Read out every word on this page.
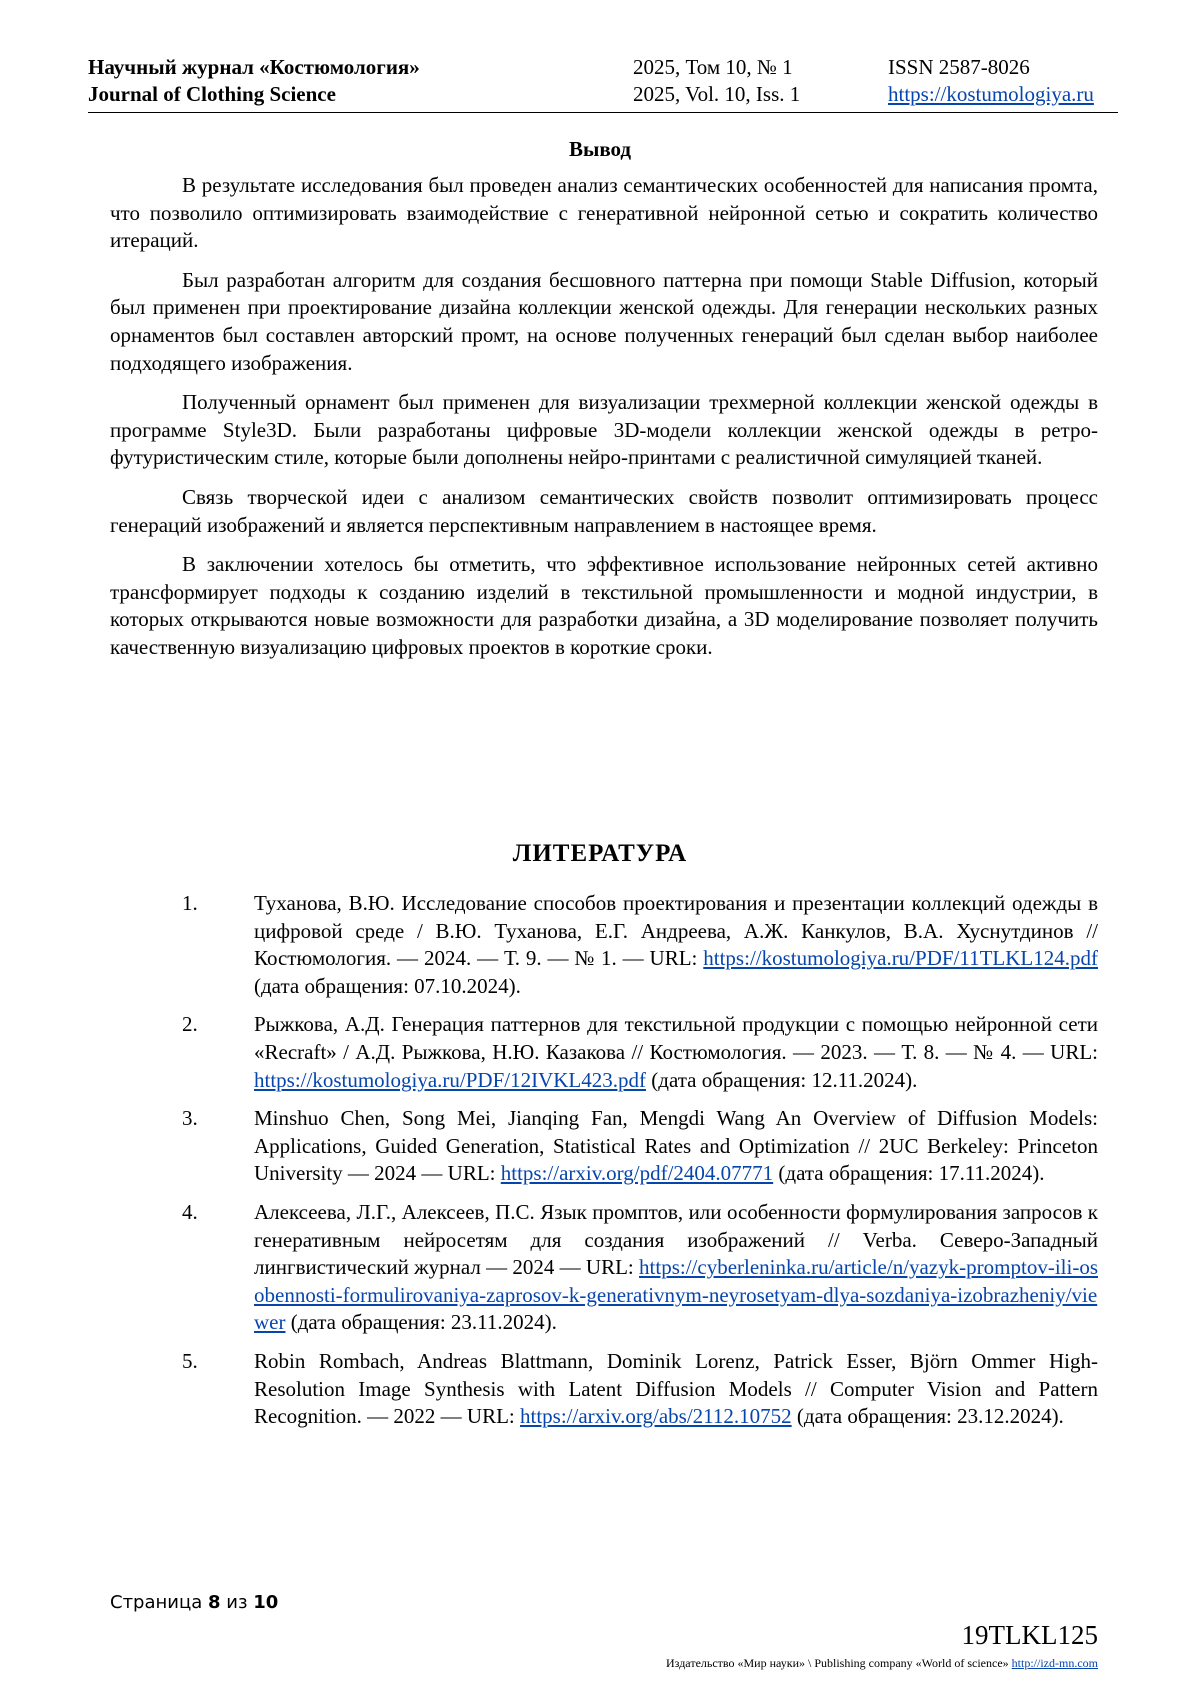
Научный журнал «Костюмология»
Journal of Clothing Science
2025, Том 10, № 1
2025, Vol. 10, Iss. 1
ISSN 2587-8026
https://kostumologiya.ru
Вывод

В результате исследования был проведен анализ семантических особенностей для написания промта, что позволило оптимизировать взаимодействие с генеративной нейронной сетью и сократить количество итераций.

Был разработан алгоритм для создания бесшовного паттерна при помощи Stable Diffusion, который был применен при проектирование дизайна коллекции женской одежды. Для генерации нескольких разных орнаментов был составлен авторский промт, на основе полученных генераций был сделан выбор наиболее подходящего изображения.

Полученный орнамент был применен для визуализации трехмерной коллекции женской одежды в программе Style3D. Были разработаны цифровые 3D-модели коллекции женской одежды в ретро-футуристическим стиле, которые были дополнены нейро-принтами с реалистичной симуляцией тканей.

Связь творческой идеи с анализом семантических свойств позволит оптимизировать процесс генераций изображений и является перспективным направлением в настоящее время.

В заключении хотелось бы отметить, что эффективное использование нейронных сетей активно трансформирует подходы к созданию изделий в текстильной промышленности и модной индустрии, в которых открываются новые возможности для разработки дизайна, а 3D моделирование позволяет получить качественную визуализацию цифровых проектов в короткие сроки.

ЛИТЕРАТУРА
1.	Туханова, В.Ю. Исследование способов проектирования и презентации коллекций одежды в цифровой среде / В.Ю. Туханова, Е.Г. Андреева, А.Ж. Канкулов, В.А. Хуснутдинов // Костюмология. — 2024. — Т. 9. — № 1. — URL: https://kostumologiya.ru/PDF/11TLKL124.pdf (дата обращения: 07.10.2024).
2.	Рыжкова, А.Д. Генерация паттернов для текстильной продукции с помощью нейронной сети «Recraft» / А.Д. Рыжкова, Н.Ю. Казакова // Костюмология. — 2023. — Т. 8. — № 4. — URL: https://kostumologiya.ru/PDF/12IVKL423.pdf (дата обращения: 12.11.2024).
3.	Minshuo Chen, Song Mei, Jianqing Fan, Mengdi Wang An Overview of Diffusion Models: Applications, Guided Generation, Statistical Rates and Optimization // 2UC Berkeley: Princeton University — 2024 — URL: https://arxiv.org/pdf/2404.07771 (дата обращения: 17.11.2024).
4.	Алексеева, Л.Г., Алексеев, П.С. Язык промптов, или особенности формулирования запросов к генеративным нейросетям для создания изображений // Verba. Северо-Западный лингвистический журнал — 2024 — URL: https://cyberleninka.ru/article/n/yazyk-promptov-ili-osobennosti-formulirovaniya-zaprosov-k-generativnym-neyrosetyam-dlya-sozdaniya-izobrazheniy/viewer (дата обращения: 23.11.2024).
5.	Robin Rombach, Andreas Blattmann, Dominik Lorenz, Patrick Esser, Björn Ommer High-Resolution Image Synthesis with Latent Diffusion Models // Computer Vision and Pattern Recognition. — 2022 — URL: https://arxiv.org/abs/2112.10752 (дата обращения: 23.12.2024).
Страница 8 из 10
19TLKL125
Издательство «Мир науки» \ Publishing company «World of science» http://izd-mn.com
